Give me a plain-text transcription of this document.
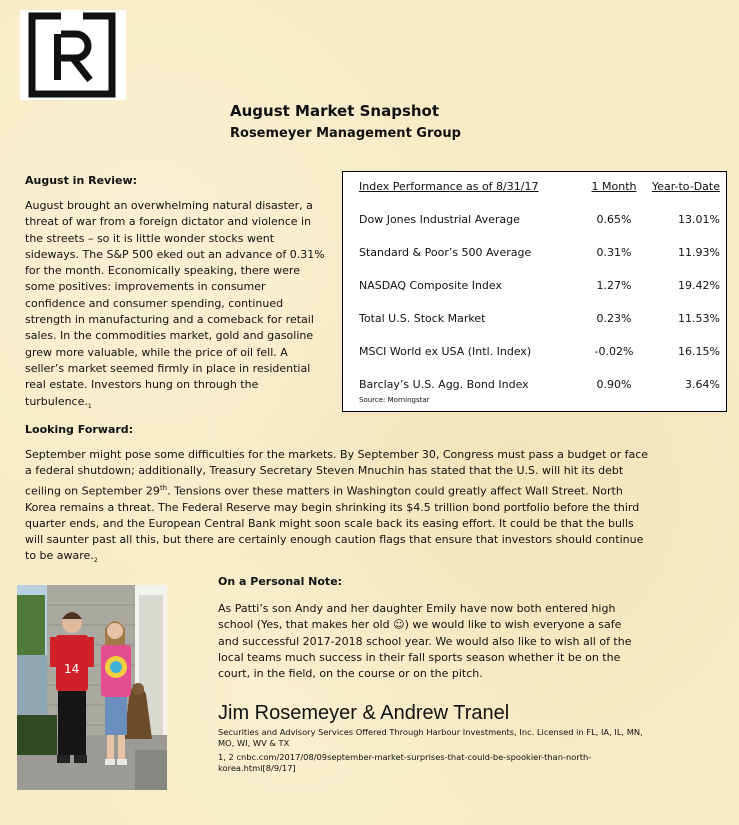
August Market Snapshot
Rosemeyer Management Group
August in Review:

August brought an overwhelming natural disaster, a threat of war from a foreign dictator and violence in the streets – so it is little wonder stocks went sideways. The S&P 500 eked out an advance of 0.31% for the month. Economically speaking, there were some positives: improvements in consumer confidence and consumer spending, continued strength in manufacturing and a comeback for retail sales. In the commodities market, gold and gasoline grew more valuable, while the price of oil fell. A seller’s market seemed firmly in place in residential real estate. Investors hung on through the $turbulence._1$

Index Performance as of 8/31/17	1 Month	Year-to-Date
Dow Jones Industrial Average	0.65%	13.01%
Standard & Poor’s 500 Average	0.31%	11.93%
NASDAQ Composite Index	1.27%	19.42%
Total U.S. Stock Market	0.23%	11.53%
MSCI World ex USA (Intl. Index)	-0.02%	16.15%
Barclay’s U.S. Agg. Bond Index	0.90%	3.64%
Source: Morningstar
Looking Forward:

September might pose some difficulties for the markets. By September 30, Congress must pass a budget or face a federal shutdown; additionally, Treasury Secretary Steven Mnuchin has stated that the U.S. will hit its debt ceiling on September 29th. Tensions over these matters in Washington could greatly affect Wall Street. North Korea remains a threat. The Federal Reserve may begin shrinking its $4.5 trillion bond portfolio before the third quarter ends, and the European Central Bank might soon scale back its easing effort. It could be that the bulls will saunter past all this, but there are certainly enough caution flags that ensure that investors should continue to be $aware._2$

14
On a Personal Note:

As Patti’s son Andy and her daughter Emily have now both entered high school (Yes, that makes her old ☺) we would like to wish everyone a safe and successful 2017-2018 school year. We would also like to wish all of the local teams much success in their fall sports season whether it be on the court, in the field, on the course or on the pitch.

Jim Rosemeyer & Andrew Tranel
Securities and Advisory Services Offered Through Harbour Investments, Inc. Licensed in FL, IA, IL, MN, MO, WI, WV & TX
1, 2 cnbc.com/2017/08/09september-market-surprises-that-could-be-spookier-than-north-korea.html[8/9/17]
